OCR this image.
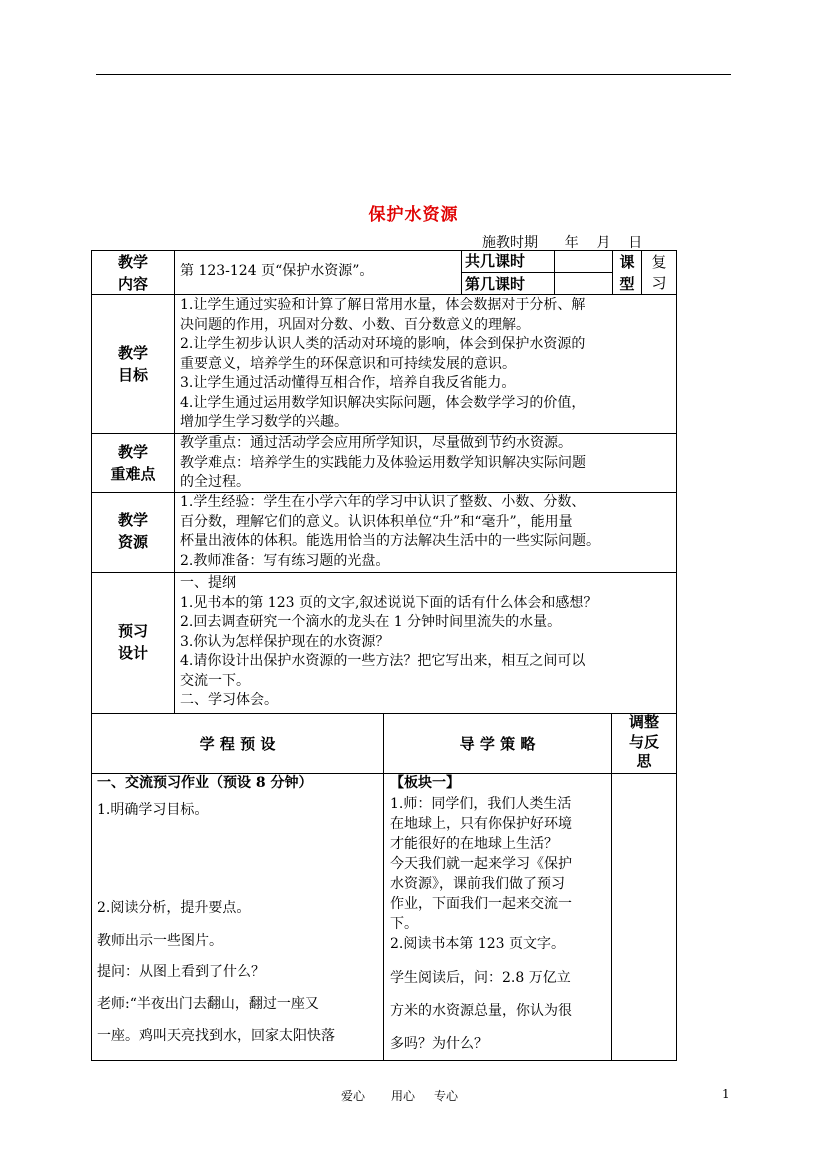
保护水资源
施教时期      年    月    日
教学
内容
第 123-124 页“保护水资源”。
共几课时
第几课时
课
型
复
习
教学
目标

1.让学生通过实验和计算了解日常用水量，体会数据对于分析、解

决问题的作用，巩固对分数、小数、百分数意义的理解。

2.让学生初步认识人类的活动对环境的影响，体会到保护水资源的

重要意义，培养学生的环保意识和可持续发展的意识。

3.让学生通过活动懂得互相合作，培养自我反省能力。

4.让学生通过运用数学知识解决实际问题，体会数学学习的价值，

增加学生学习数学的兴趣。

教学
重难点

教学重点：通过活动学会应用所学知识，尽量做到节约水资源。

教学难点：培养学生的实践能力及体验运用数学知识解决实际问题

的全过程。

教学
资源

1.学生经验：学生在小学六年的学习中认识了整数、小数、分数、

百分数，理解它们的意义。认识体积单位“升”和“毫升”，能用量

杯量出液体的体积。能选用恰当的方法解决生活中的一些实际问题。

2.教师准备：写有练习题的光盘。

预习
设计

一、提纲

1.见书本的第 123 页的文字,叙述说说下面的话有什么体会和感想？

2.回去调查研究一个滴水的龙头在 1 分钟时间里流失的水量。

3.你认为怎样保护现在的水资源？

4.请你设计出保护水资源的一些方法？把它写出来，相互之间可以

交流一下。

二、学习体会。

学 程 预 设	导 学 策 略
调整
与反
思
一、交流预习作业（预设 8 分钟）
1.明确学习目标。
2.阅读分析，提升要点。
教师出示一些图片。
提问：从图上看到了什么？
老师:“半夜出门去翻山，翻过一座又
一座。鸡叫天亮找到水，回家太阳快落
【板块一】

1.师：同学们，我们人类生活

在地球上，只有你保护好环境

才能很好的在地球上生活？

今天我们就一起来学习《保护

水资源》，课前我们做了预习

作业，下面我们一起来交流一

下。

2.阅读书本第 123 页文字。
学生阅读后，问：2.8 万亿立
方米的水资源总量，你认为很
多吗？为什么？
爱心 用心 专心	1
